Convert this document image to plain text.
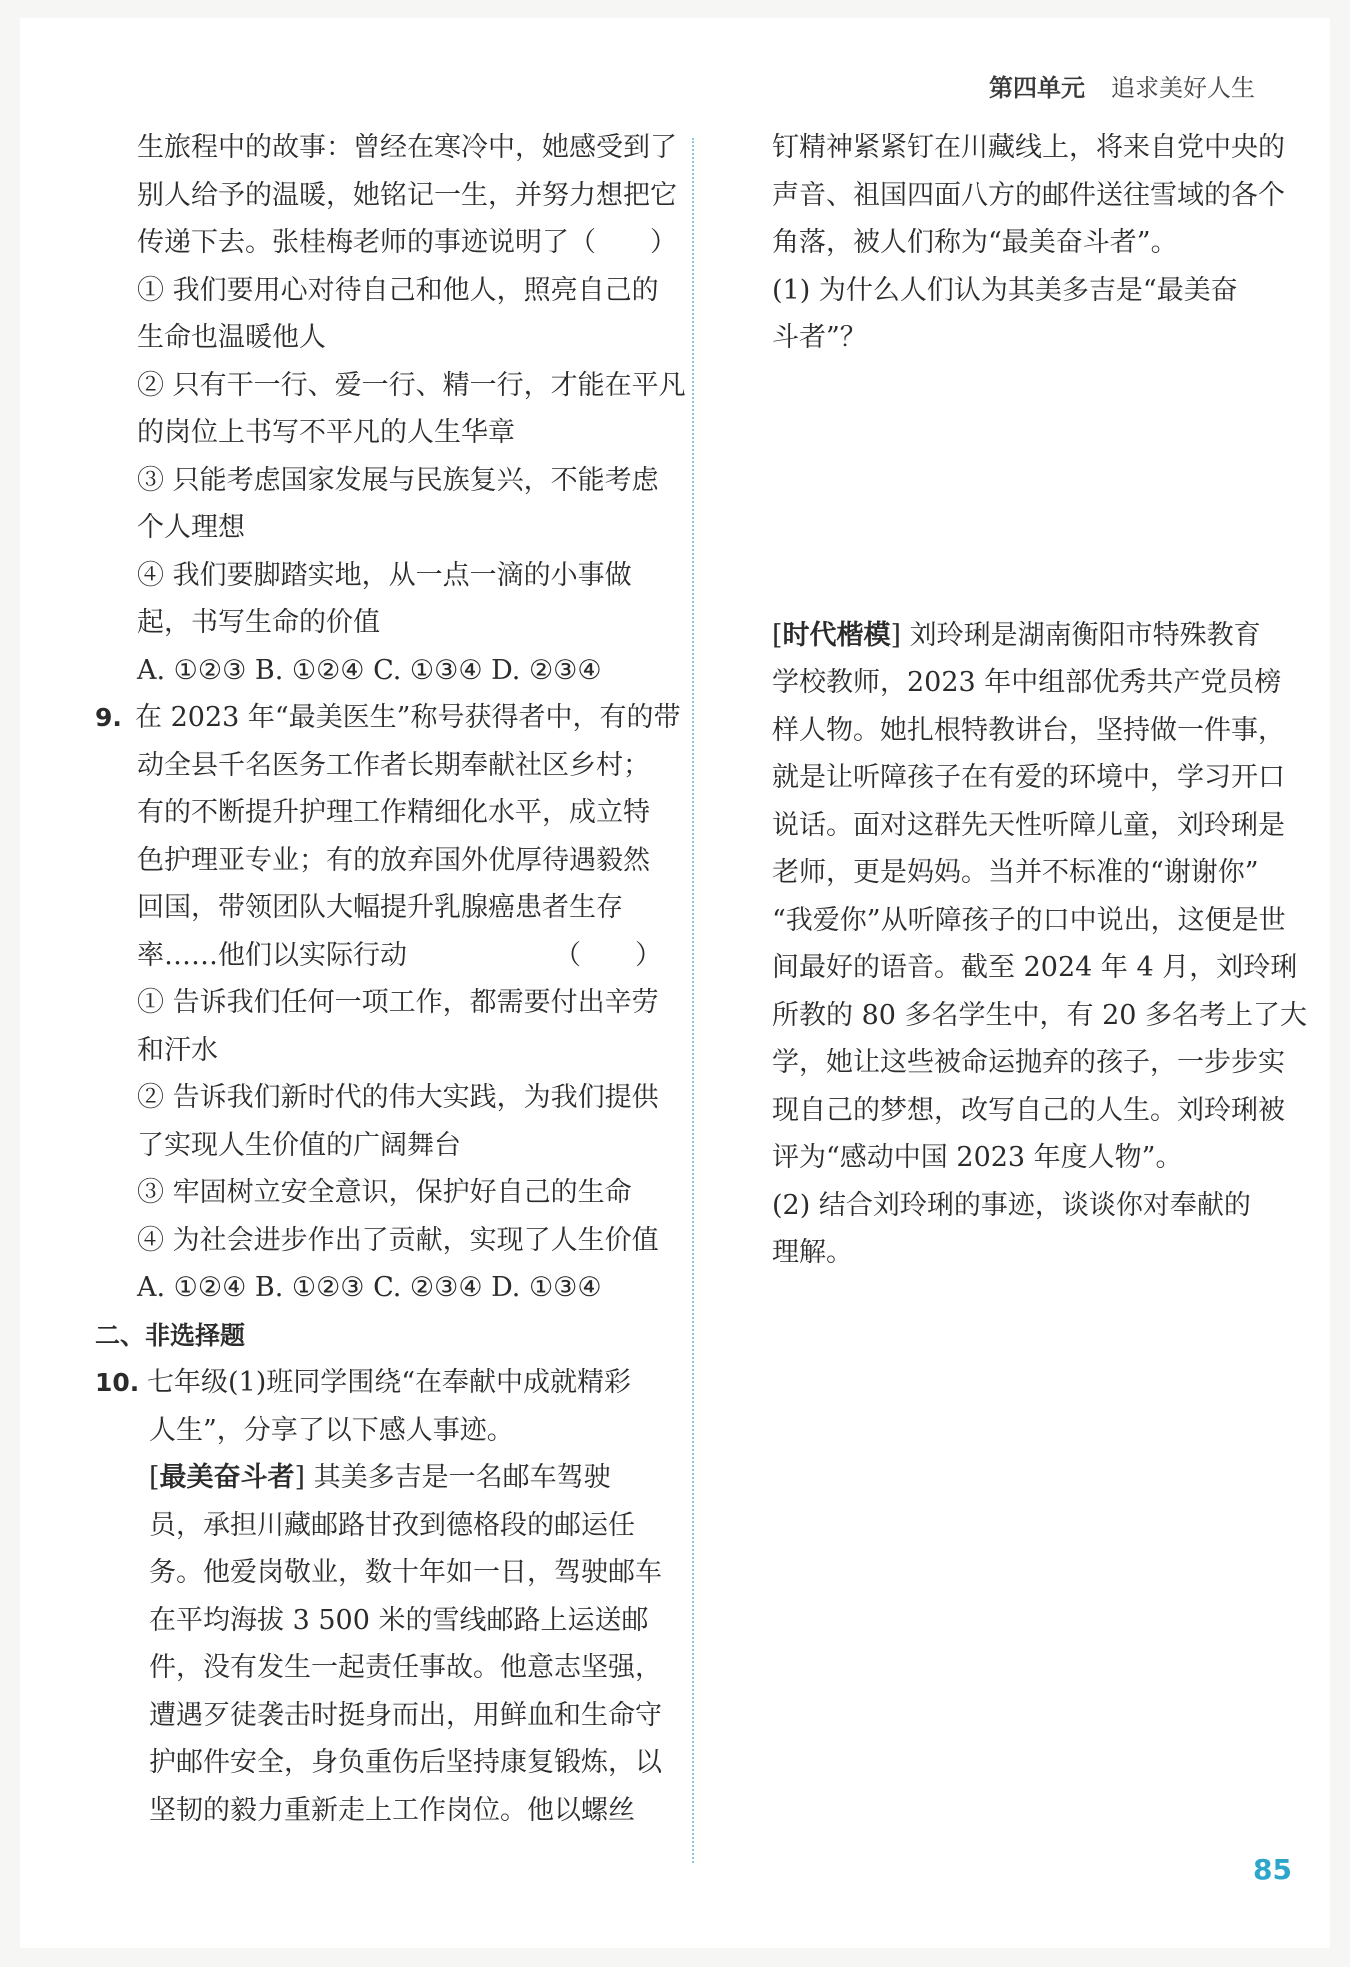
第四单元 追求美好人生
生旅程中的故事：曾经在寒冷中，她感受到了
别人给予的温暖，她铭记一生，并努力想把它
传递下去。张桂梅老师的事迹说明了（　　）
① 我们要用心对待自己和他人，照亮自己的
生命也温暖他人
② 只有干一行、爱一行、精一行，才能在平凡
的岗位上书写不平凡的人生华章
③ 只能考虑国家发展与民族复兴，不能考虑
个人理想
④ 我们要脚踏实地，从一点一滴的小事做
起，书写生命的价值
A. ①②③ B. ①②④ C. ①③④ D. ②③④
9. 在 2023 年“最美医生”称号获得者中，有的带
动全县千名医务工作者长期奉献社区乡村；
有的不断提升护理工作精细化水平，成立特
色护理亚专业；有的放弃国外优厚待遇毅然
回国，带领团队大幅提升乳腺癌患者生存
率……他们以实际行动	（　　）
① 告诉我们任何一项工作，都需要付出辛劳
和汗水
② 告诉我们新时代的伟大实践，为我们提供
了实现人生价值的广阔舞台
③ 牢固树立安全意识，保护好自己的生命
④ 为社会进步作出了贡献，实现了人生价值
A. ①②④ B. ①②③ C. ②③④ D. ①③④
二、非选择题
10. 七年级(1)班同学围绕“在奉献中成就精彩
人生”，分享了以下感人事迹。
[最美奋斗者] 其美多吉是一名邮车驾驶
员，承担川藏邮路甘孜到德格段的邮运任
务。他爱岗敬业，数十年如一日，驾驶邮车
在平均海拔 3 500 米的雪线邮路上运送邮
件，没有发生一起责任事故。他意志坚强，
遭遇歹徒袭击时挺身而出，用鲜血和生命守
护邮件安全，身负重伤后坚持康复锻炼，以
坚韧的毅力重新走上工作岗位。他以螺丝
钉精神紧紧钉在川藏线上，将来自党中央的
声音、祖国四面八方的邮件送往雪域的各个
角落，被人们称为“最美奋斗者”。
(1) 为什么人们认为其美多吉是“最美奋
斗者”？
[时代楷模] 刘玲琍是湖南衡阳市特殊教育
学校教师，2023 年中组部优秀共产党员榜
样人物。她扎根特教讲台，坚持做一件事，
就是让听障孩子在有爱的环境中，学习开口
说话。面对这群先天性听障儿童，刘玲琍是
老师，更是妈妈。当并不标准的“谢谢你”
“我爱你”从听障孩子的口中说出，这便是世
间最好的语音。截至 2024 年 4 月，刘玲琍
所教的 80 多名学生中，有 20 多名考上了大
学，她让这些被命运抛弃的孩子，一步步实
现自己的梦想，改写自己的人生。刘玲琍被
评为“感动中国 2023 年度人物”。
(2) 结合刘玲琍的事迹，谈谈你对奉献的
理解。
85
